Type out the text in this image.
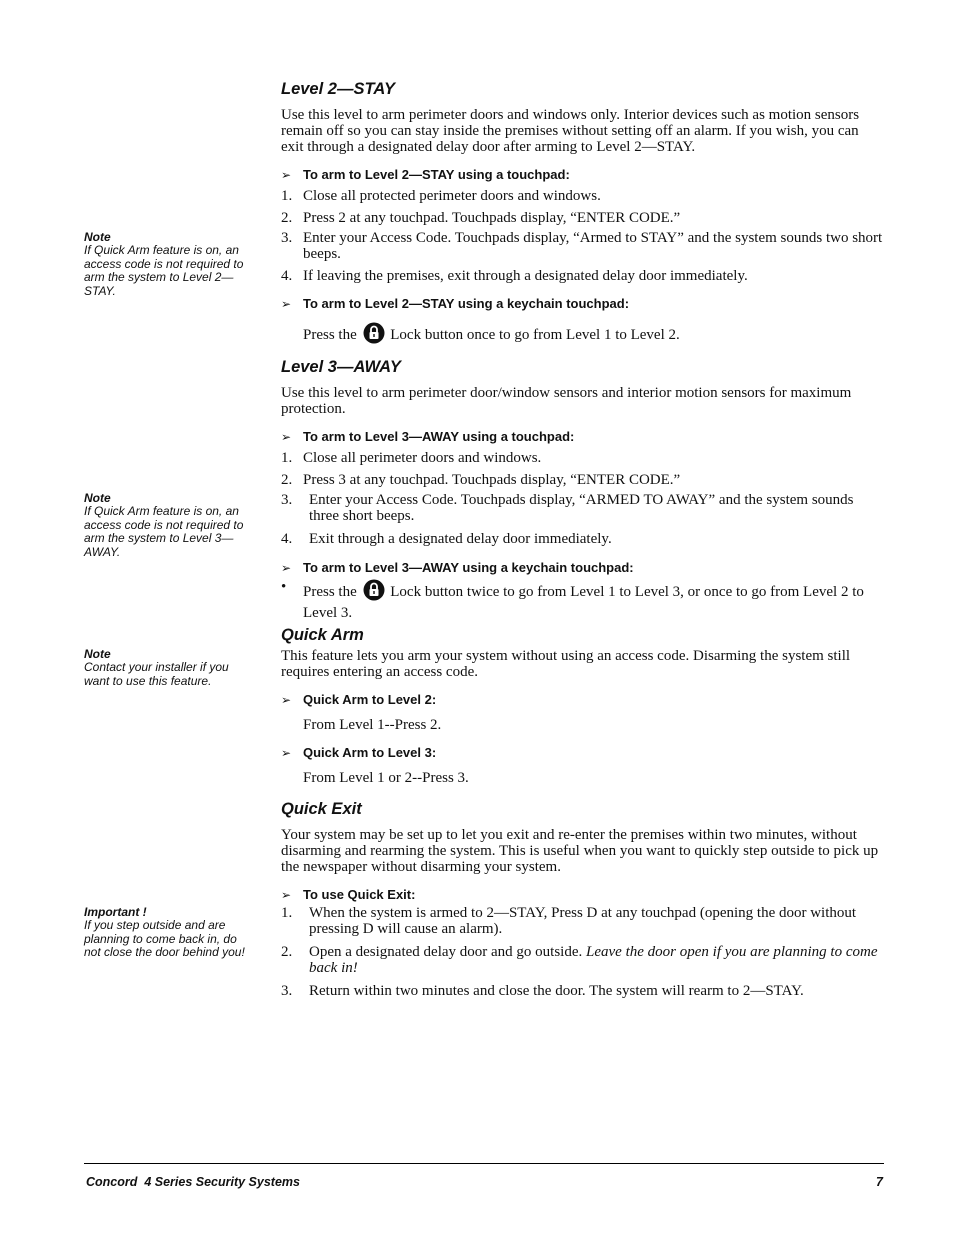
Level 2—STAY
Use this level to arm perimeter doors and windows only. Interior devices such as motion sensors remain off so you can stay inside the premises without setting off an alarm. If you wish, you can exit through a designated delay door after arming to Level 2—STAY.
➢ To arm to Level 2—STAY using a touchpad:
1. Close all protected perimeter doors and windows.
2. Press 2 at any touchpad. Touchpads display, “ENTER CODE.”
3. Enter your Access Code. Touchpads display, “Armed to STAY” and the system sounds two short beeps.
4. If leaving the premises, exit through a designated delay door immediately.
➢ To arm to Level 2—STAY using a keychain touchpad:
Press the Lock button once to go from Level 1 to Level 2.
Level 3—AWAY
Use this level to arm perimeter door/window sensors and interior motion sensors for maximum protection.
➢ To arm to Level 3—AWAY using a touchpad:
1. Close all perimeter doors and windows.
2. Press 3 at any touchpad. Touchpads display, “ENTER CODE.”
3. Enter your Access Code. Touchpads display, “ARMED TO AWAY” and the system sounds three short beeps.
4. Exit through a designated delay door immediately.
➢ To arm to Level 3—AWAY using a keychain touchpad:
• Press the Lock button twice to go from Level 1 to Level 3, or once to go from Level 2 to Level 3.
Quick Arm
This feature lets you arm your system without using an access code. Disarming the system still requires entering an access code.
➢ Quick Arm to Level 2:
From Level 1--Press 2.
➢ Quick Arm to Level 3:
From Level 1 or 2--Press 3.
Quick Exit
Your system may be set up to let you exit and re-enter the premises within two minutes, without disarming and rearming the system. This is useful when you want to quickly step outside to pick up the newspaper without disarming your system.
➢ To use Quick Exit:
1. When the system is armed to 2—STAY, Press D at any touchpad (opening the door without pressing D will cause an alarm).
2. Open a designated delay door and go outside. Leave the door open if you are planning to come back in!
3. Return within two minutes and close the door. The system will rearm to 2—STAY.
Note
If Quick Arm feature is on, an access code is not required to arm the system to Level 2— STAY.
Note
If Quick Arm feature is on, an access code is not required to arm the system to Level 3— AWAY.
Note
Contact your installer if you want to use this feature.
Important !
If you step outside and are planning to come back in, do not close the door behind you!
Concord  4 Series Security Systems	7
